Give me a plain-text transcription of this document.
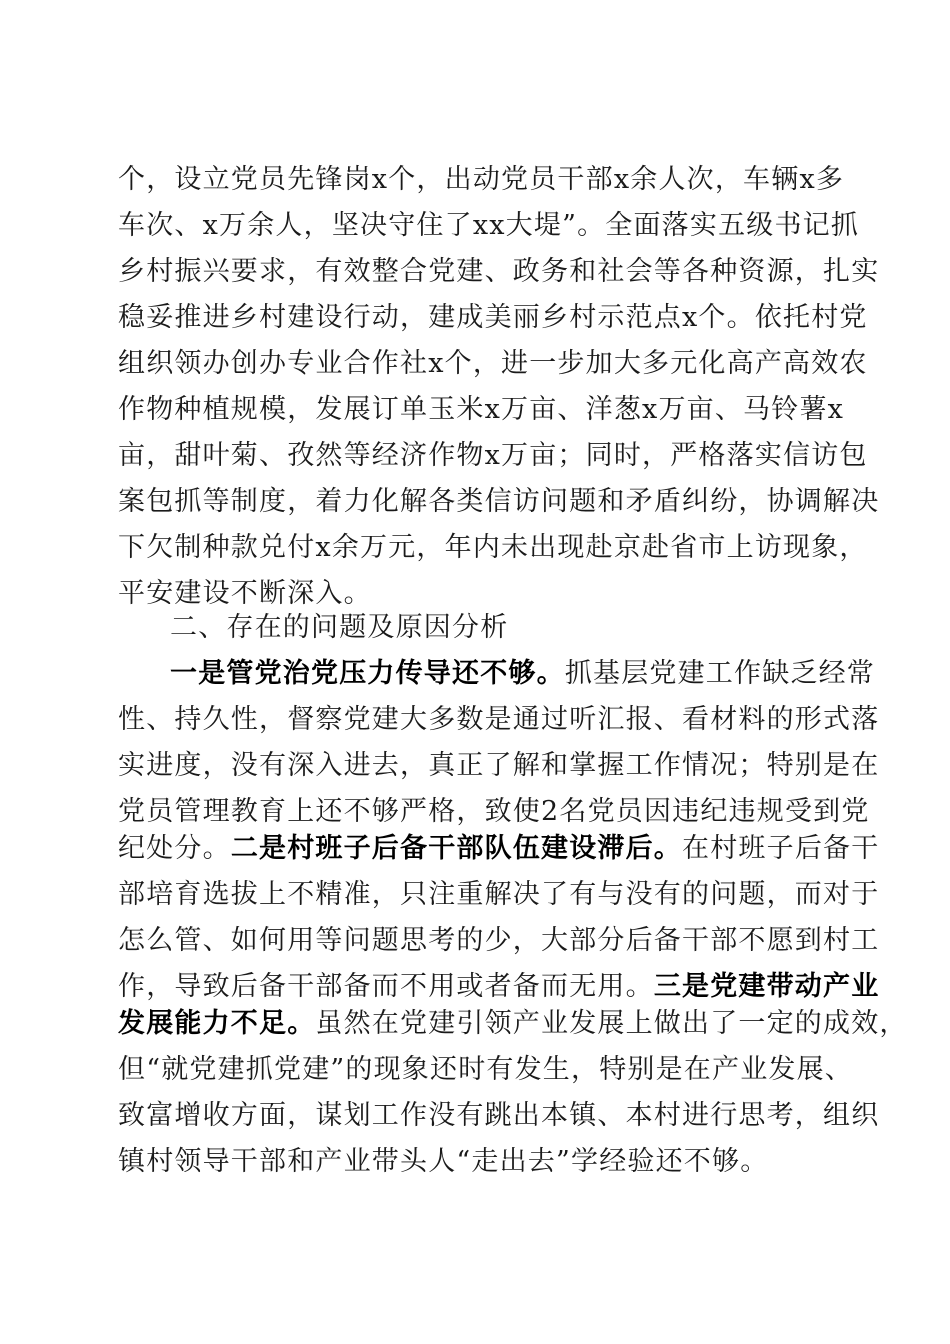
个，设立党员先锋岗x个，出动党员干部x余人次，车辆x多
车次、x万余人，坚决守住了xx大堤”。全面落实五级书记抓
乡村振兴要求，有效整合党建、政务和社会等各种资源，扎实
稳妥推进乡村建设行动，建成美丽乡村示范点x个。依托村党
组织领办创办专业合作社x个，进一步加大多元化高产高效农
作物种植规模，发展订单玉米x万亩、洋葱x万亩、马铃薯x
亩，甜叶菊、孜然等经济作物x万亩；同时，严格落实信访包
案包抓等制度，着力化解各类信访问题和矛盾纠纷，协调解决
下欠制种款兑付x余万元，年内未出现赴京赴省市上访现象，
平安建设不断深入。
二、存在的问题及原因分析
一是管党治党压力传导还不够。抓基层党建工作缺乏经常
性、持久性，督察党建大多数是通过听汇报、看材料的形式落
实进度，没有深入进去，真正了解和掌握工作情况；特别是在
党员管理教育上还不够严格，致使2名党员因违纪违规受到党
纪处分。二是村班子后备干部队伍建设滞后。在村班子后备干
部培育选拔上不精准，只注重解决了有与没有的问题，而对于
怎么管、如何用等问题思考的少，大部分后备干部不愿到村工
作，导致后备干部备而不用或者备而无用。三是党建带动产业
发展能力不足。虽然在党建引领产业发展上做出了一定的成效，
但“就党建抓党建”的现象还时有发生，特别是在产业发展、
致富增收方面，谋划工作没有跳出本镇、本村进行思考，组织
镇村领导干部和产业带头人“走出去”学经验还不够。
